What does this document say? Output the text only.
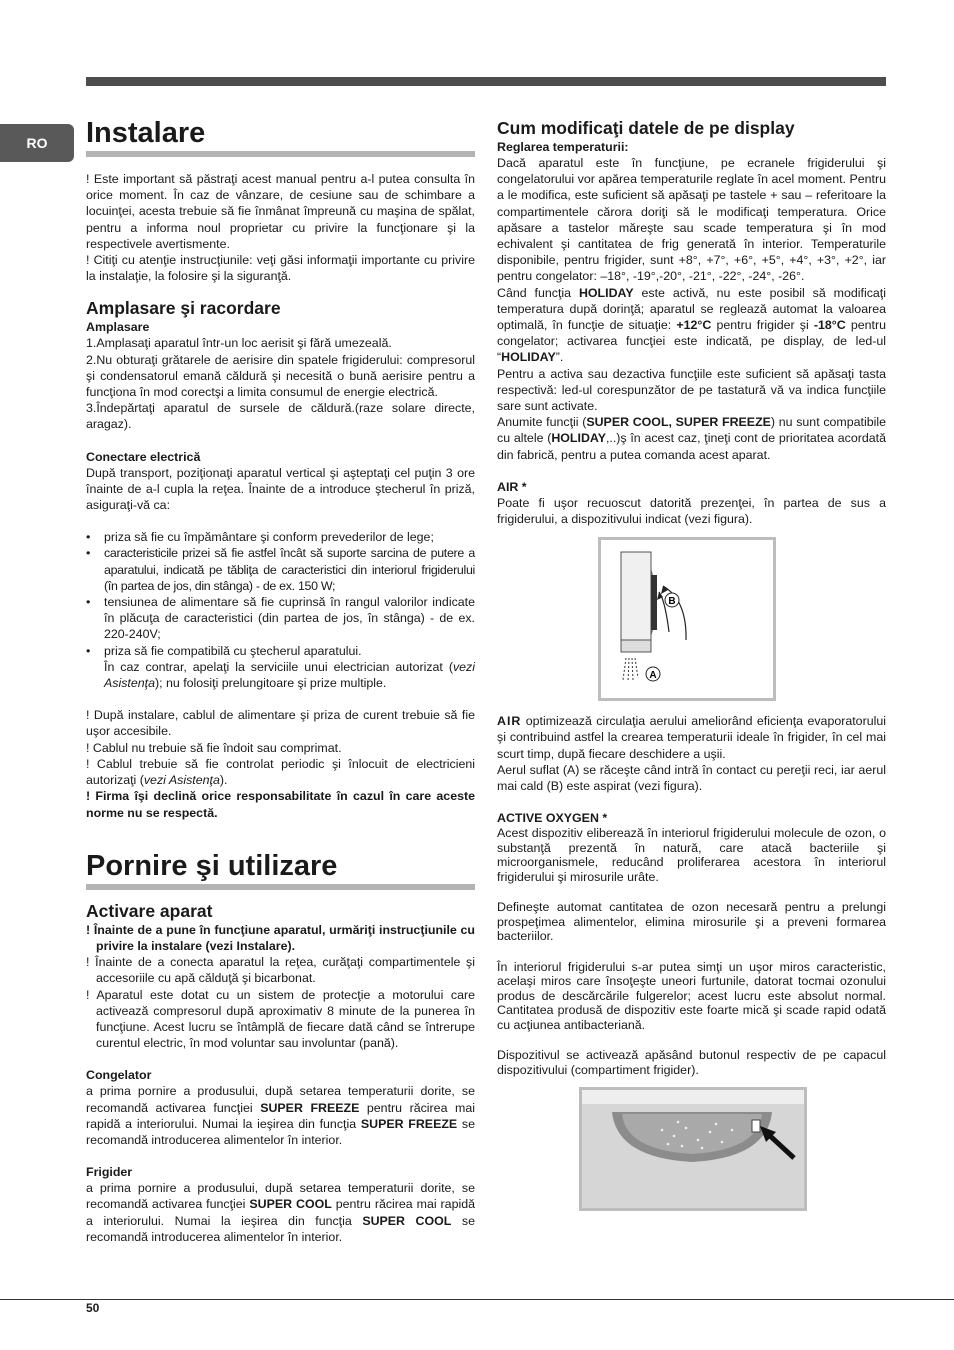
RO	Instalare

! Este important să păstraţi acest manual pentru a-l putea consulta în orice moment. În caz de vânzare, de cesiune sau de schimbare a locuinţei, acesta trebuie să fie înmânat împreună cu maşina de spălat, pentru a informa noul proprietar cu privire la funcţionare şi la respectivele avertismente.

! Citiţi cu atenţie instrucţiunile: veţi găsi informaţii importante cu privire la instalaţie, la folosire şi la siguranţă.

Amplasare şi racordare
Amplasare

1.Amplasaţi aparatul într-un loc aerisit şi fără umezeală.

2.Nu obturaţi grătarele de aerisire din spatele frigiderului: compresorul şi condensatorul emană căldură şi necesită o bună aerisire pentru a funcţiona în mod corectşi a limita consumul de energie electrică.

3.Îndepărtaţi aparatul de sursele de căldură.(raze solare directe, aragaz).

Conectare electrică

După transport, poziţionaţi aparatul vertical şi aşteptaţi cel puţin 3 ore înainte de a-l cupla la reţea. Înainte de a introduce ştecherul în priză, asiguraţi-vă ca:

• priza să fie cu împământare şi conform prevederilor de lege;
• caracteristicile prizei să fie astfel încât să suporte sarcina de putere a aparatului, indicată pe tăbliţa de caracteristici din interiorul frigiderului (în partea de jos, din stânga) - de ex. 150 W;
• tensiunea de alimentare să fie cuprinsă în rangul valorilor indicate în plăcuţa de caracteristici (din partea de jos, în stânga) - de ex. 220-240V;
• priza să fie compatibilă cu ştecherul aparatului.
În caz contrar, apelaţi la serviciile unui electrician autorizat (vezi Asistenţa); nu folosiţi prelungitoare şi prize multiple.

! După instalare, cablul de alimentare şi priza de curent trebuie să fie uşor accesibile.

! Cablul nu trebuie să fie îndoit sau comprimat.

! Cablul trebuie să fie controlat periodic şi înlocuit de electricieni autorizaţi (vezi Asistenţa).

! Firma îşi declină orice responsabilitate în cazul în care aceste norme nu se respectă.

Pornire şi utilizare
Activare aparat

! Înainte de a pune în funcţiune aparatul, urmăriţi instrucţiunile cu privire la instalare (vezi Instalare).

! Înainte de a conecta aparatul la reţea, curăţaţi compartimentele şi accesoriile cu apă călduţă şi bicarbonat.

! Aparatul este dotat cu un sistem de protecţie a motorului care activează compresorul după aproximativ 8 minute de la punerea în funcţiune. Acest lucru se întâmplă de fiecare dată când se întrerupe curentul electric, în mod voluntar sau involuntar (pană).

Congelator

a prima pornire a produsului, după setarea temperaturii dorite, se recomandă activarea funcţiei SUPER FREEZE pentru răcirea mai rapidă a interiorului. Numai la ieşirea din funcţia SUPER FREEZE se recomandă introducerea alimentelor în interior.

Frigider

a prima pornire a produsului, după setarea temperaturii dorite, se recomandă activarea funcţiei SUPER COOL pentru răcirea mai rapidă a interiorului. Numai la ieşirea din funcţia SUPER COOL se recomandă introducerea alimentelor în interior.

Cum modificaţi datele de pe display
Reglarea temperaturii:

Dacă aparatul este în funcţiune, pe ecranele frigiderului şi congelatorului vor apărea temperaturile reglate în acel moment. Pentru a le modifica, este suficient să apăsaţi pe tastele + sau – referitoare la compartimentele cărora doriţi să le modificaţi temperatura. Orice apăsare a tastelor măreşte sau scade temperatura şi în mod echivalent şi cantitatea de frig generată în interior. Temperaturile disponibile, pentru frigider, sunt +8°, +7°, +6°, +5°, +4°, +3°, +2°, iar pentru congelator: –18°, -19°,-20°, -21°, -22°, -24°, -26°.

Când funcţia HOLIDAY este activă, nu este posibil să modificaţi temperatura după dorinţă; aparatul se reglează automat la valoarea optimală, în funcţie de situaţie: +12°C pentru frigider şi -18°C pentru congelator; activarea funcţiei este indicată, pe display, de led-ul “HOLIDAY”.

Pentru a activa sau dezactiva funcţiile este suficient să apăsaţi tasta respectivă: led-ul corespunzător de pe tastatură vă va indica funcţiile sare sunt activate.

Anumite funcţii (SUPER COOL, SUPER FREEZE) nu sunt compatibile cu altele (HOLIDAY,..)ş în acest caz, ţineţi cont de prioritatea acordată din fabrică, pentru a putea comanda acest aparat.

AIR *

Poate fi uşor recuoscut datorită prezenţei, în partea de sus a frigiderului, a dispozitivului indicat (vezi figura).

B
A

AIR optimizează circulaţia aerului ameliorând eficienţa evaporatorului şi contribuind astfel la crearea temperaturii ideale în frigider, în cel mai scurt timp, după fiecare deschidere a uşii.

Aerul suflat (A) se răceşte când intră în contact cu pereţii reci, iar aerul mai cald (B) este aspirat (vezi figura).

ACTIVE OXYGEN *

Acest dispozitiv eliberează în interiorul frigiderului molecule de ozon, o substanţă prezentă în natură, care atacă bacteriile şi microorganismele, reducând proliferarea acestora în interiorul frigiderului şi mirosurile urâte.

Defineşte automat cantitatea de ozon necesară pentru a prelungi prospeţimea alimentelor, elimina mirosurile şi a preveni formarea bacteriilor.

În interiorul frigiderului s-ar putea simţi un uşor miros caracteristic, acelaşi miros care însoţeşte uneori furtunile, datorat tocmai ozonului produs de descărcările fulgerelor; acest lucru este absolut normal. Cantitatea produsă de dispozitiv este foarte mică şi scade rapid odată cu acţiunea antibacteriană.

Dispozitivul se activează apăsând butonul respectiv de pe capacul dispozitivului (compartiment frigider).

50
